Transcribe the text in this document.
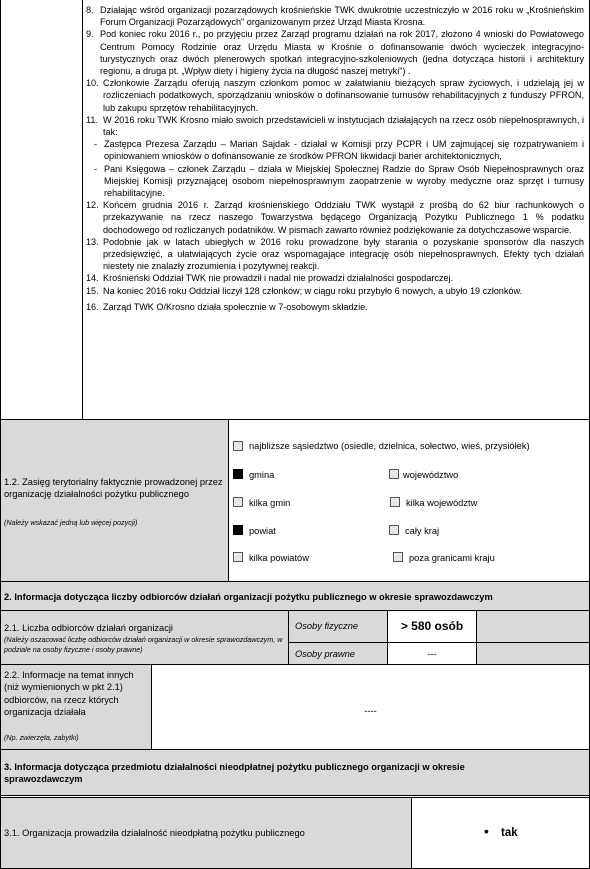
8. Działając wśród organizacji pozarządowych krośnieńskie TWK dwukrotnie uczestniczyło w 2016 roku w „Krośnieńskim Forum Organizacji Pozarządowych" organizowanym przez Urząd Miasta Krosna.
9. Pod koniec roku 2016 r., po przyjęciu przez Zarząd programu działań na rok 2017, złożono 4 wnioski do Powiatowego Centrum Pomocy Rodzinie oraz Urzędu Miasta w Krośnie o dofinansowanie dwóch wycieczek integracyjno-turystycznych oraz dwóch plenerowych spotkań integracyjno-szkoleniowych (jedna dotycząca historii i architektury regionu, a druga pt. „Wpływ diety i higieny życia na długość naszej metryki") .
10. Członkowie Zarządu oferują naszym członkom pomoc w załatwianiu bieżących spraw życiowych, i udzielają jej w rozliczeniach podatkowych, sporządzaniu wniosków o dofinansowanie turnusów rehabilitacyjnych z funduszy PFRON, lub zakupu sprzętów rehabilitacyjnych.
11. W 2016 roku TWK Krosno miało swoich przedstawicieli w instytucjach działających na rzecz osób niepełnosprawnych, i tak:
- Zastępca Prezesa Zarządu – Marian Sajdak - działał w Komisji przy PCPR i UM zajmującej się rozpatrywaniem i opiniowaniem wniosków o dofinansowanie ze środków PFRON likwidacji barier architektonicznych,
- Pani Księgowa – członek Zarządu – działa w Miejskiej Społecznej Radzie do Spraw Osób Niepełnosprawnych oraz Miejskiej Komisji przyznającej osobom niepełnosprawnym zaopatrzenie w wyroby medyczne oraz sprzęt i turnusy rehabilitacyjne.
12. Końcem grudnia 2016 r. Zarząd krośnieńskiego Oddziału TWK wystąpił z prośbą do 62 biur rachunkowych o przekazywanie na rzecz naszego Towarzystwa będącego Organizacją Pożytku Publicznego 1 % podatku dochodowego od rozliczanych podatników. W pismach zawarto również podziękowanie za dotychczasowe wsparcie.
13. Podobnie jak w latach ubiegłych w 2016 roku prowadzone były starania o pozyskanie sponsorów dla naszych przedsięwzięć, a ułatwiających życie oraz wspomagające integrację osób niepełnosprawnych. Efekty tych działań niestety nie znalazły zrozumienia i pozytywnej reakcji.
14. Krośnieński Oddział TWK nie prowadził i nadal nie prowadzi działalności gospodarczej.
15. Na koniec 2016 roku Oddział liczył 128 członków; w ciągu roku przybyło 6 nowych, a ubyło 19 członków.
16. Zarząd TWK O/Krosno działa społecznie w 7-osobowym składzie.
1.2. Zasięg terytorialny faktycznie prowadzonej przez organizację działalności pożytku publicznego
(Należy wskazać jedną lub więcej pozycji)
najbliższe sąsiedztwo (osiedle, dzielnica, sołectwo, wieś, przysiółek)
gmina	województwo
kilka gmin	kilka województw
powiat	cały kraj
kilka powiatów	poza granicami kraju
2. Informacja dotycząca liczby odbiorców działań organizacji pożytku publicznego w okresie sprawozdawczym
2.1. Liczba odbiorców działań organizacji
(Należy oszacować liczbę odbiorców działań organizacji w okresie sprawozdawczym, w podziale na osoby fizyczne i osoby prawne)
Osoby fizyczne	> 580 osób
Osoby prawne	---
2.2. Informacje na temat innych (niż wymienionych w pkt 2.1) odbiorców, na rzecz których organizacja działała
(Np. zwierzęta, zabytki)
----
3. Informacja dotycząca przedmiotu działalności nieodpłatnej pożytku publicznego organizacji w okresie sprawozdawczym
3.1. Organizacja prowadziła działalność nieodpłatną pożytku publicznego	• tak
